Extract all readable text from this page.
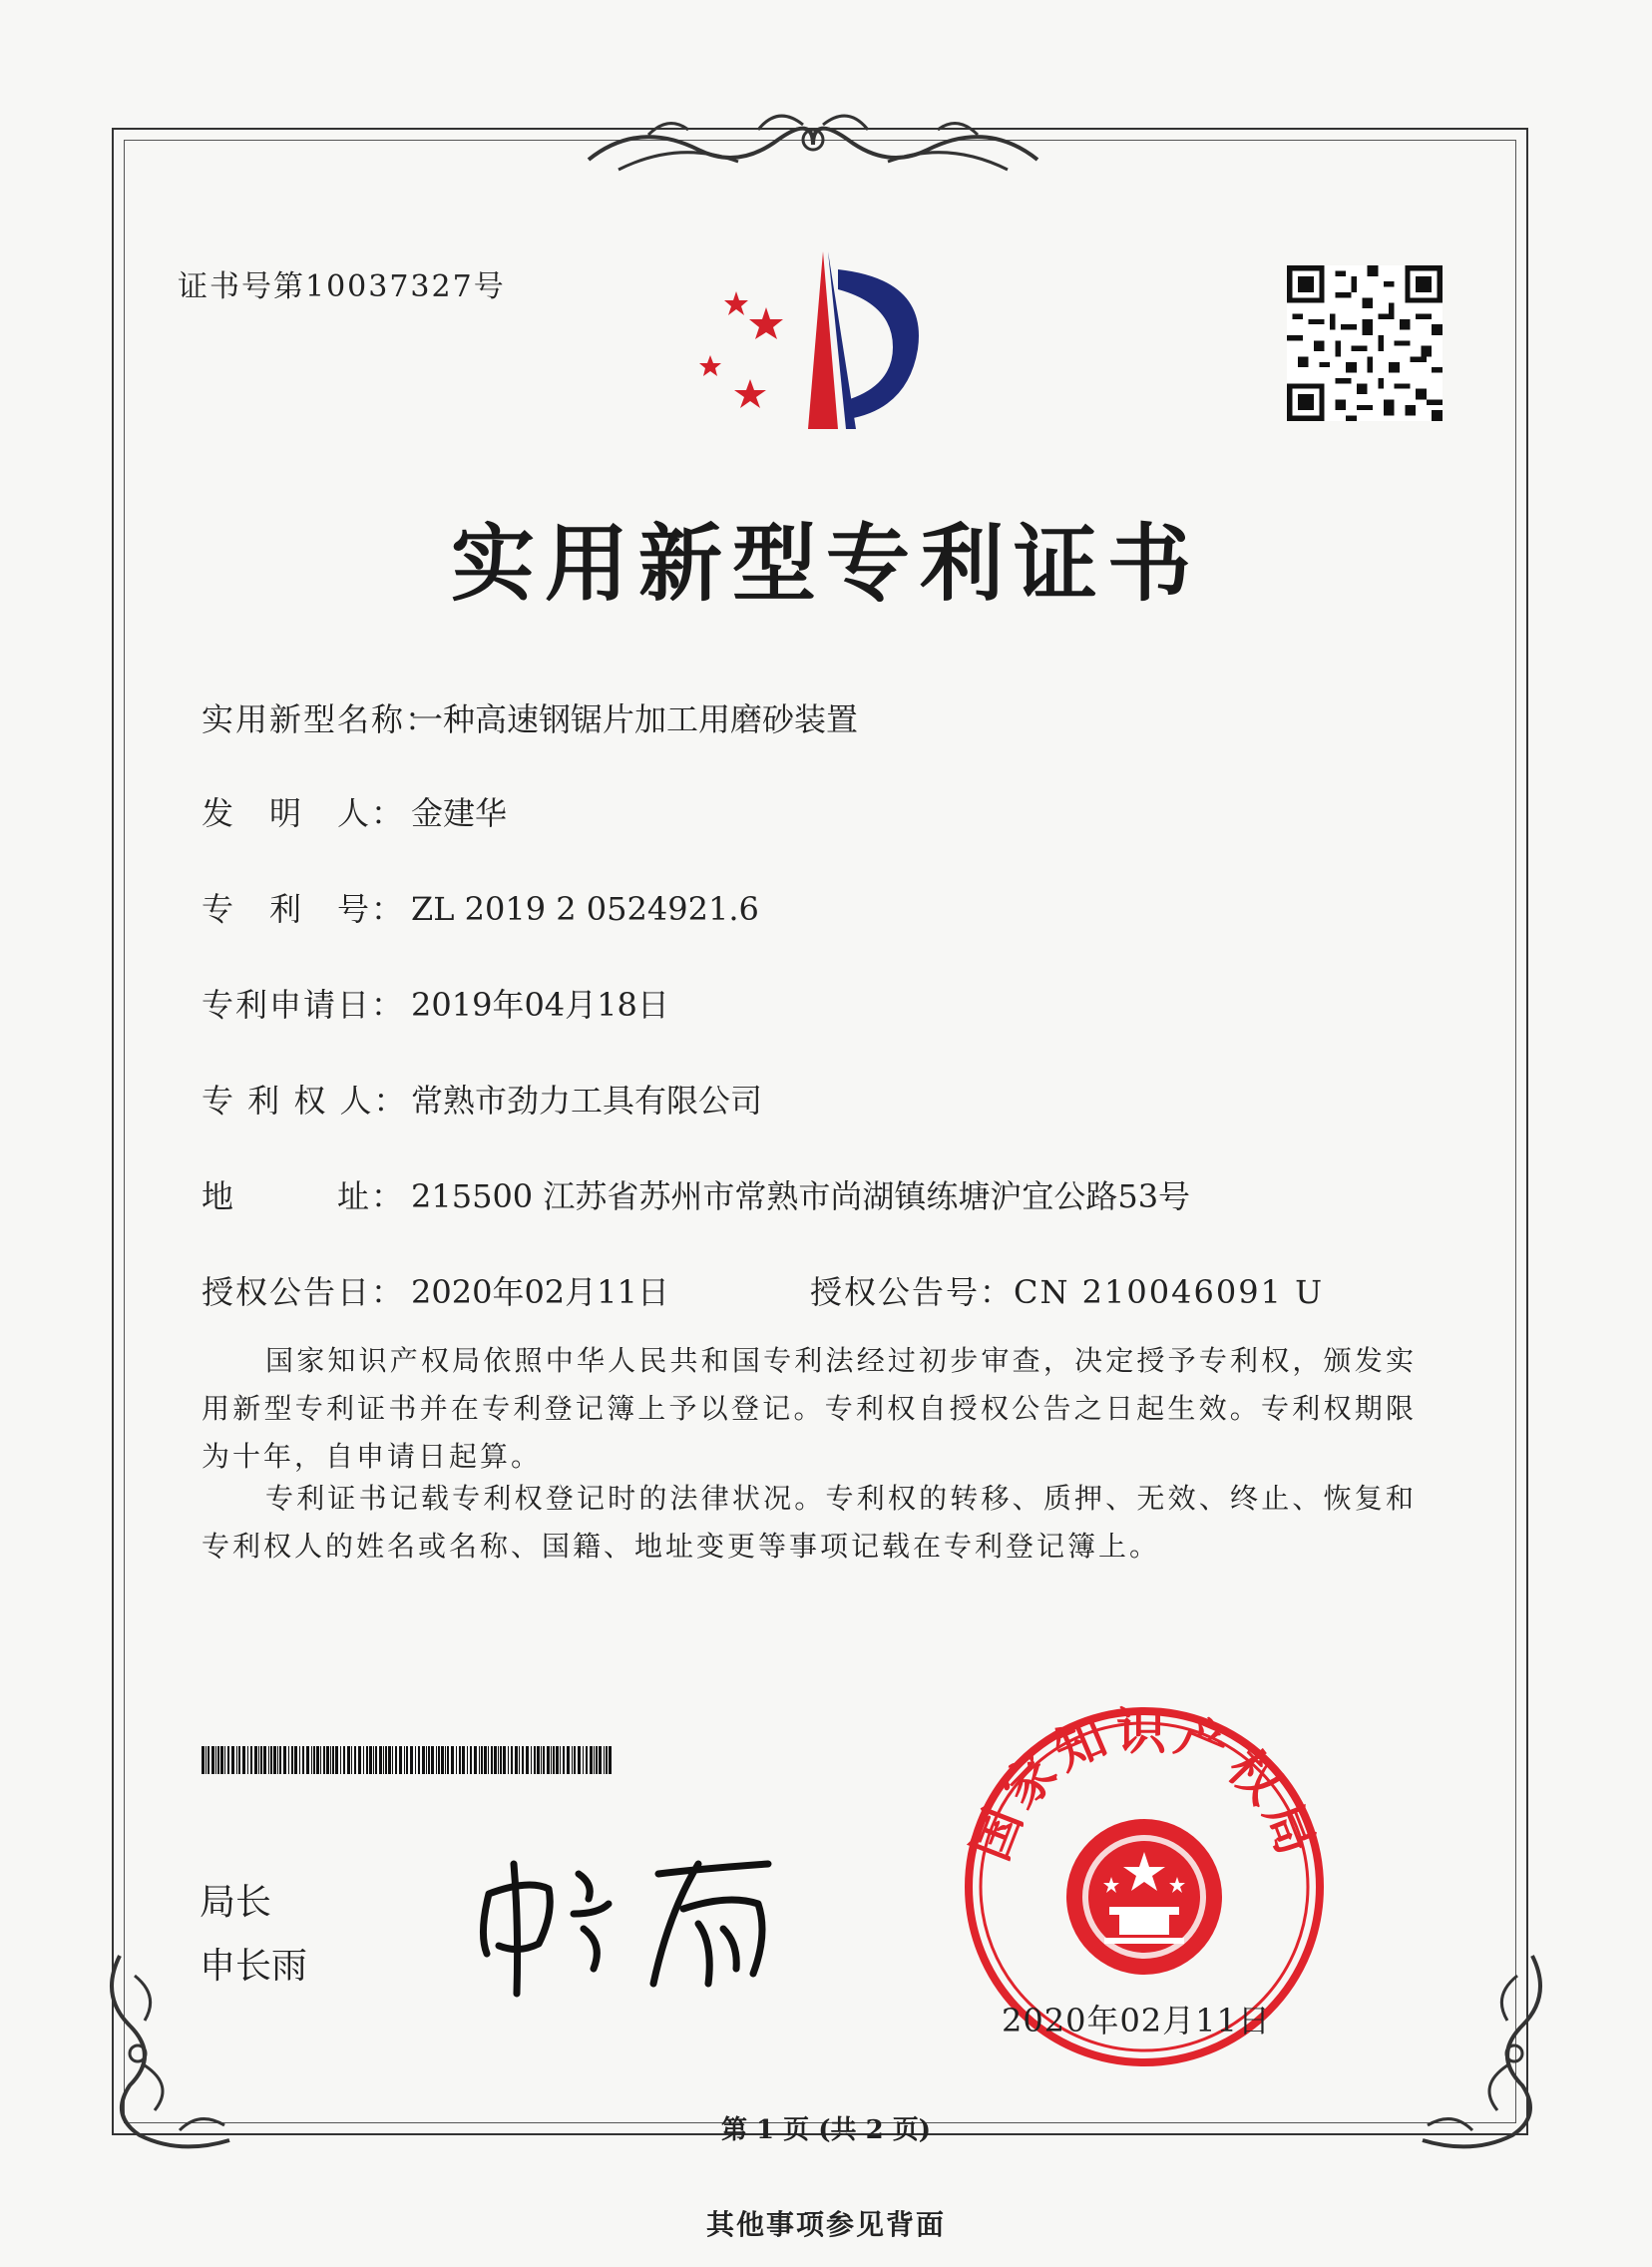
证书号第10037327号
实用新型专利证书
实用新型名称：一种高速钢锯片加工用磨砂装置
发　明　人： 金建华
专　利　号： ZL 2019 2 0524921.6
专利申请日： 2019年04月18日
专 利 权 人： 常熟市劲力工具有限公司
地　　　址： 215500 江苏省苏州市常熟市尚湖镇练塘沪宜公路53号
授权公告日： 2020年02月11日	授权公告号：CN 210046091 U
国家知识产权局依照中华人民共和国专利法经过初步审查，决定授予专利权，颁发实用新型专利证书并在专利登记簿上予以登记。专利权自授权公告之日起生效。专利权期限为十年，自申请日起算。
专利证书记载专利权登记时的法律状况。专利权的转移、质押、无效、终止、恢复和专利权人的姓名或名称、国籍、地址变更等事项记载在专利登记簿上。
局长
申长雨
国家知识产权局
2020年02月11日
第 1 页 (共 2 页)
其他事项参见背面
